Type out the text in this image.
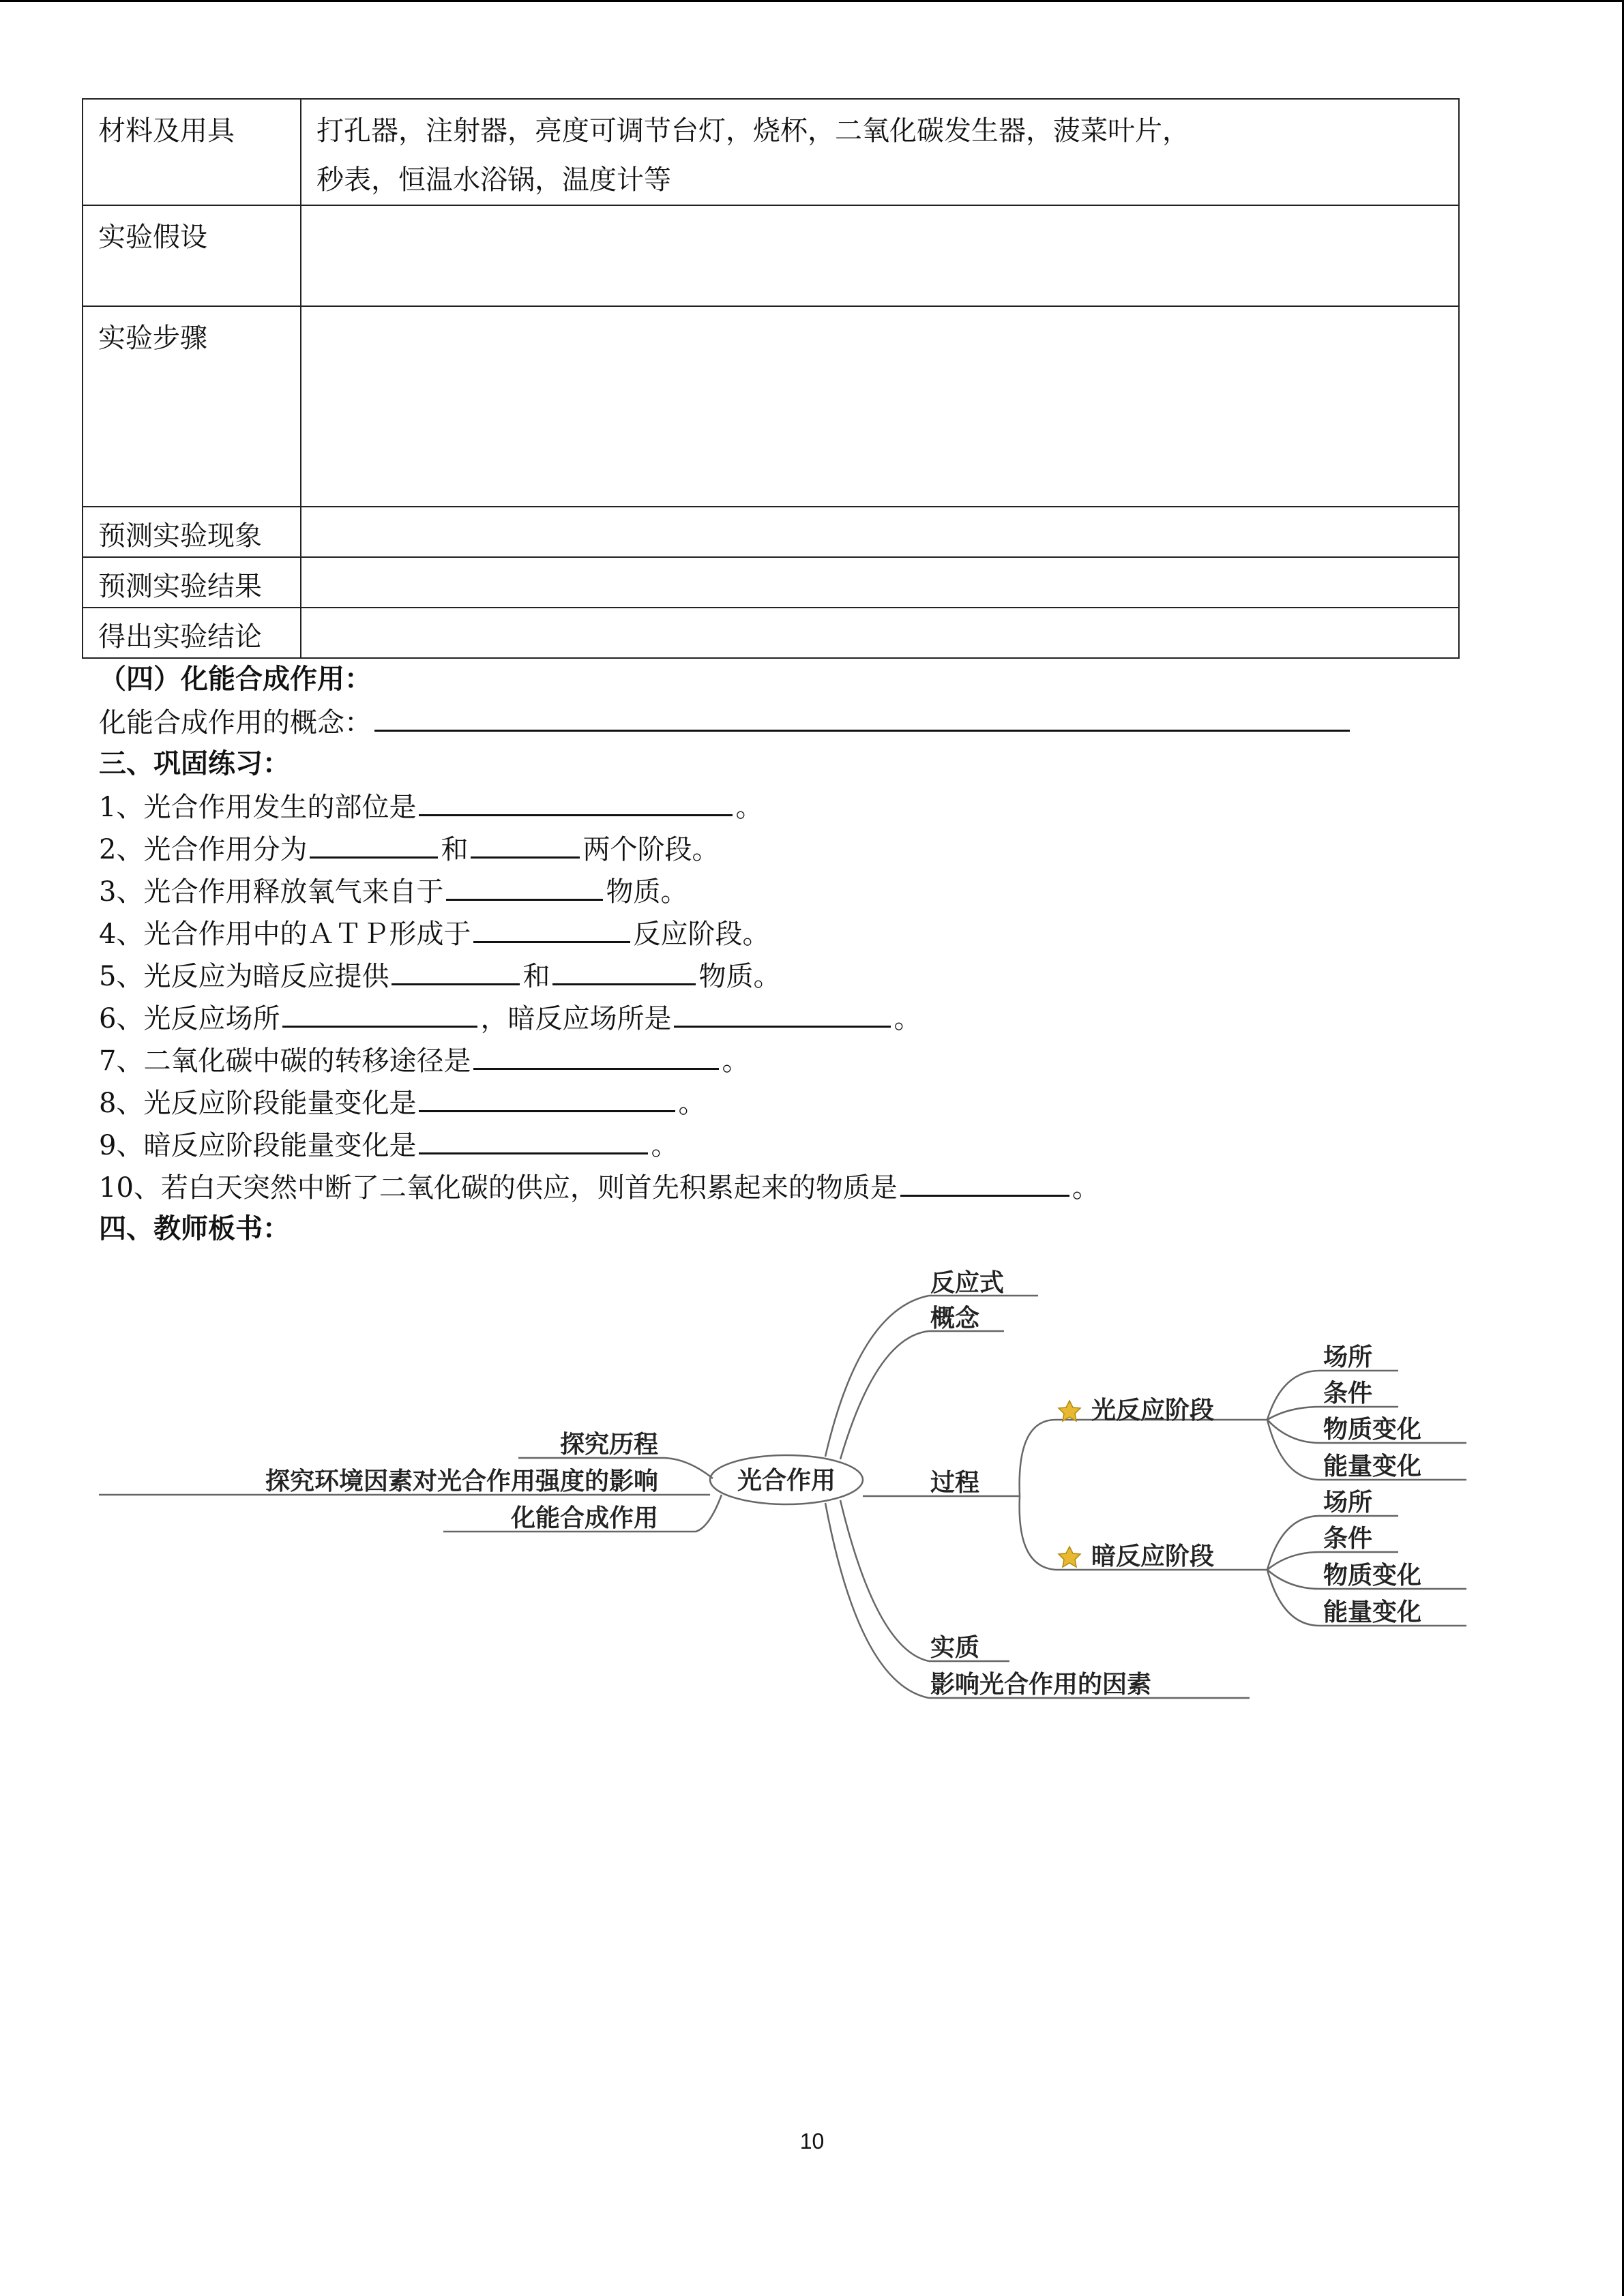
材料及用具	打孔器，注射器，亮度可调节台灯，烧杯，二氧化碳发生器，菠菜叶片，
秒表，恒温水浴锅，温度计等

实验假设	
实验步骤	
预测实验现象	
预测实验结果	
得出实验结论	
（四）化能合成作用：
化能合成作用的概念：
三、巩固练习：
1、光合作用发生的部位是	。
2、光合作用分为	和	两个阶段。
3、光合作用释放氧气来自于	物质。
4、光合作用中的ＡＴＰ形成于	反应阶段。
5、光反应为暗反应提供	和	物质。
6、光反应场所	，暗反应场所是	。
7、二氧化碳中碳的转移途径是	。
8、光反应阶段能量变化是	。
9、暗反应阶段能量变化是	。
10、若白天突然中断了二氧化碳的供应，则首先积累起来的物质是	。
四、教师板书：
光合作用
探究历程
探究环境因素对光合作用强度的影响
化能合成作用
反应式
概念
过程
光反应阶段
暗反应阶段
场所
条件
物质变化
能量变化
场所
条件
物质变化
能量变化
实质
影响光合作用的因素
10
